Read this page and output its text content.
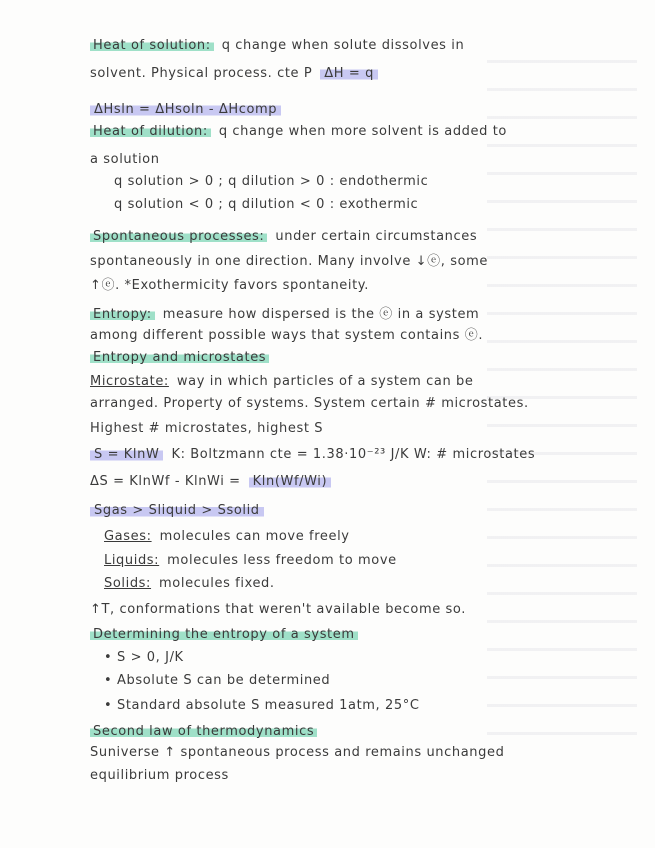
Heat of solution: q change when solute dissolves in
solvent. Physical process. cte P ΔH = q
ΔHsln = ΔHsoln - ΔHcomp
Heat of dilution: q change when more solvent is added to
a solution
q solution > 0 ; q dilution > 0 : endothermic
q solution < 0 ; q dilution < 0 : exothermic
Spontaneous processes: under certain circumstances
spontaneously in one direction. Many involve ↓ⓔ, some
↑ⓔ. *Exothermicity favors spontaneity.
Entropy: measure how dispersed is the ⓔ in a system
among different possible ways that system contains ⓔ.
Entropy and microstates
Microstate: way in which particles of a system can be
arranged. Property of systems. System certain # microstates.
Highest # microstates, highest S
S = KlnW K: Boltzmann cte = 1.38·10⁻²³ J/K W: # microstates
ΔS = KlnWf - KlnWi = Kln(Wf/Wi)
Sgas > Sliquid > Ssolid
Gases: molecules can move freely
Liquids: molecules less freedom to move
Solids: molecules fixed.
↑T, conformations that weren't available become so.
Determining the entropy of a system
• S > 0, J/K
• Absolute S can be determined
• Standard absolute S measured 1atm, 25°C
Second law of thermodynamics
Suniverse ↑ spontaneous process and remains unchanged
equilibrium process
